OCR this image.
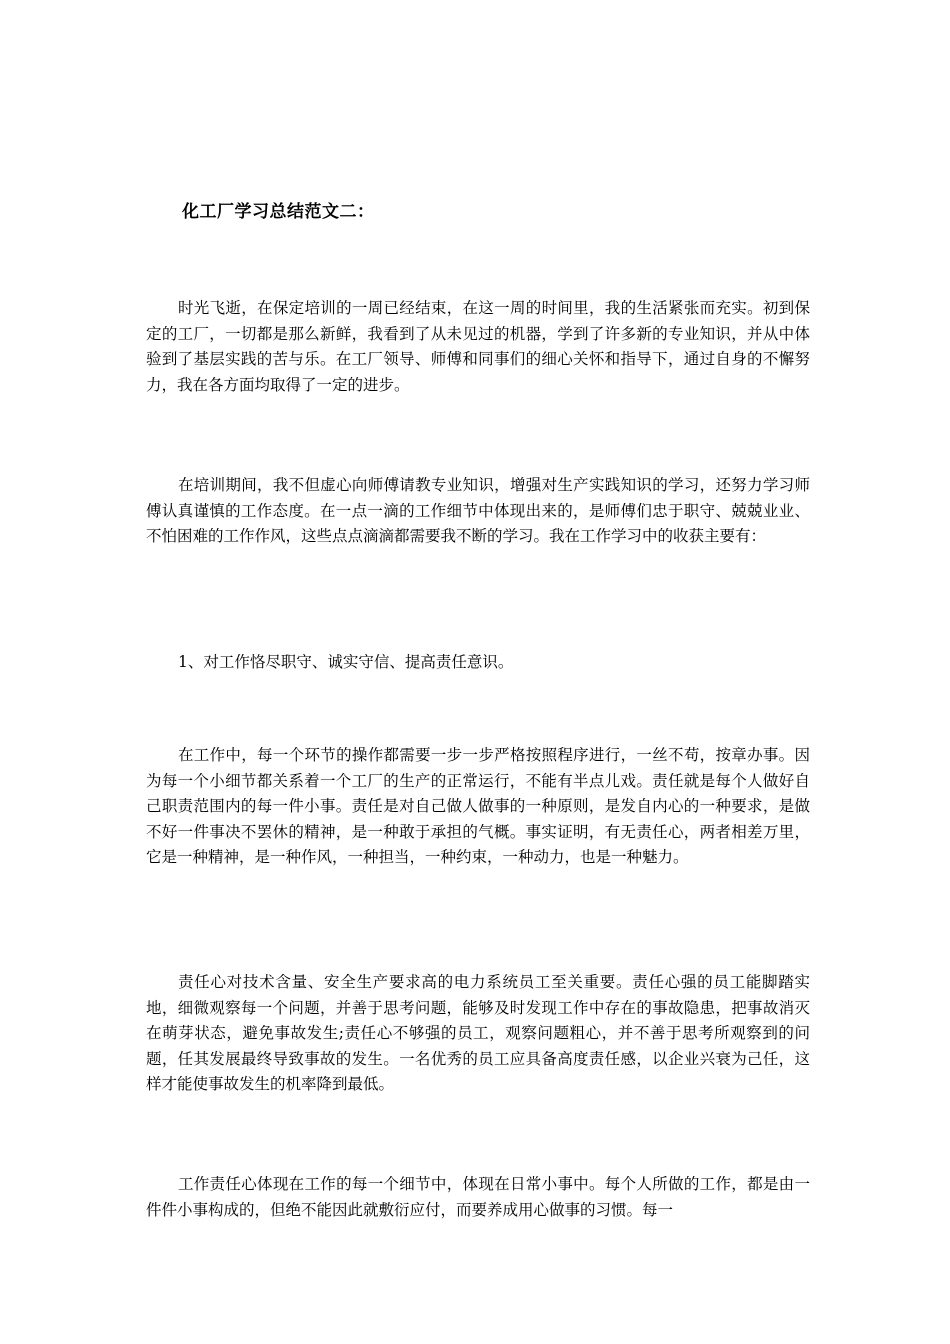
化工厂学习总结范文二：

时光飞逝，在保定培训的一周已经结束，在这一周的时间里，我的生活紧张而充实。初到保定的工厂，一切都是那么新鲜，我看到了从未见过的机器，学到了许多新的专业知识，并从中体验到了基层实践的苦与乐。在工厂领导、师傅和同事们的细心关怀和指导下，通过自身的不懈努力，我在各方面均取得了一定的进步。

在培训期间，我不但虚心向师傅请教专业知识，增强对生产实践知识的学习，还努力学习师傅认真谨慎的工作态度。在一点一滴的工作细节中体现出来的，是师傅们忠于职守、兢兢业业、不怕困难的工作作风，这些点点滴滴都需要我不断的学习。我在工作学习中的收获主要有：

1、对工作恪尽职守、诚实守信、提高责任意识。

在工作中，每一个环节的操作都需要一步一步严格按照程序进行，一丝不苟，按章办事。因为每一个小细节都关系着一个工厂的生产的正常运行，不能有半点儿戏。责任就是每个人做好自己职责范围内的每一件小事。责任是对自己做人做事的一种原则，是发自内心的一种要求，是做不好一件事决不罢休的精神，是一种敢于承担的气概。事实证明，有无责任心，两者相差万里，它是一种精神，是一种作风，一种担当，一种约束，一种动力，也是一种魅力。

责任心对技术含量、安全生产要求高的电力系统员工至关重要。责任心强的员工能脚踏实地，细微观察每一个问题，并善于思考问题，能够及时发现工作中存在的事故隐患，把事故消灭在萌芽状态，避免事故发生;责任心不够强的员工，观察问题粗心，并不善于思考所观察到的问题，任其发展最终导致事故的发生。一名优秀的员工应具备高度责任感，以企业兴衰为己任，这样才能使事故发生的机率降到最低。

工作责任心体现在工作的每一个细节中，体现在日常小事中。每个人所做的工作，都是由一件件小事构成的，但绝不能因此就敷衍应付，而要养成用心做事的习惯。每一
